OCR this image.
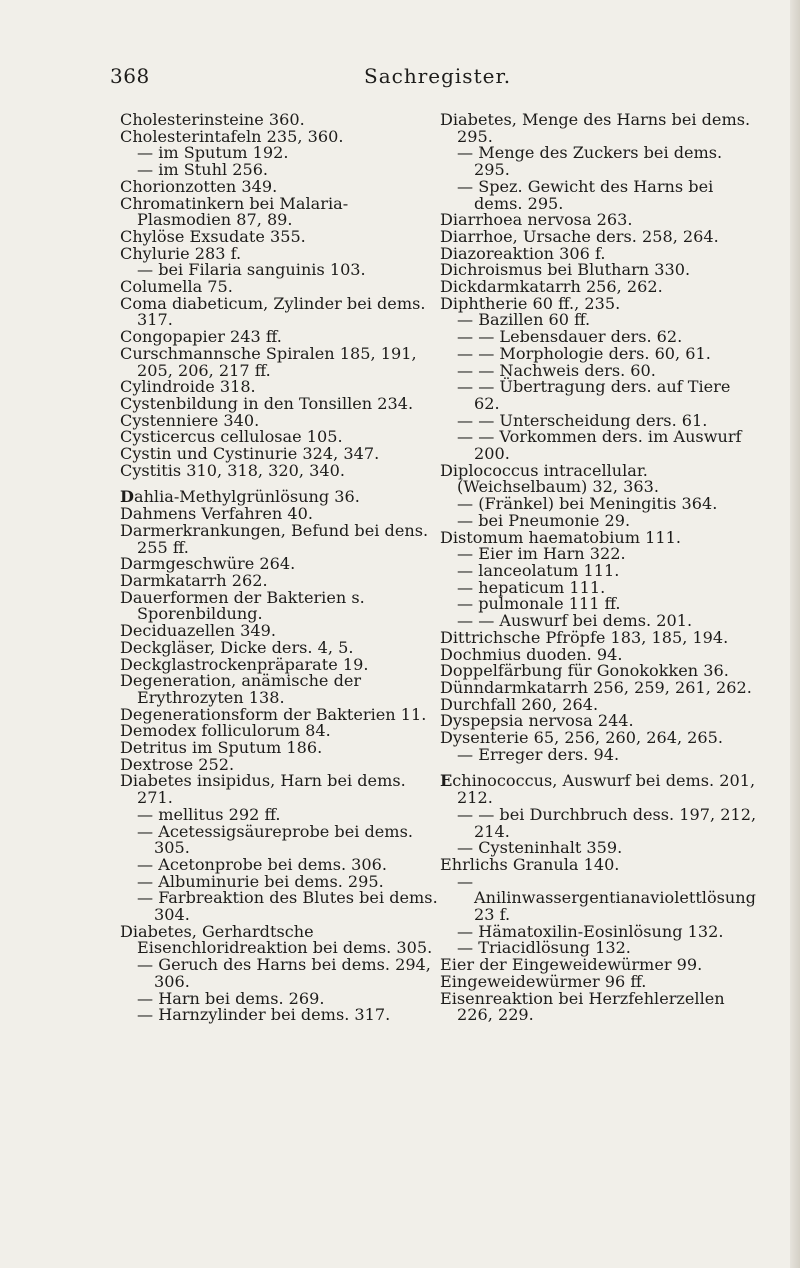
368	Sachregister.

Cholesterinsteine 360.

Cholesterintafeln 235, 360.

— im Sputum 192.

— im Stuhl 256.

Chorionzotten 349.

Chromatinkern bei Malaria-Plasmodien 87, 89.

Chylöse Exsudate 355.

Chylurie 283 f.

— bei Filaria sanguinis 103.

Columella 75.

Coma diabeticum, Zylinder bei dems. 317.

Congopapier 243 ff.

Curschmannsche Spiralen 185, 191, 205, 206, 217 ff.

Cylindroide 318.

Cystenbildung in den Tonsillen 234.

Cystenniere 340.

Cysticercus cellulosae 105.

Cystin und Cystinurie 324, 347.

Cystitis 310, 318, 320, 340.

Dahlia-Methylgrünlösung 36.

Dahmens Verfahren 40.

Darmerkrankungen, Befund bei dens. 255 ff.

Darmgeschwüre 264.

Darmkatarrh 262.

Dauerformen der Bakterien s. Sporenbildung.

Deciduazellen 349.

Deckgläser, Dicke ders. 4, 5.

Deckglastrockenpräparate 19.

Degeneration, anämische der Erythrozyten 138.

Degenerationsform der Bakterien 11.

Demodex folliculorum 84.

Detritus im Sputum 186.

Dextrose 252.

Diabetes insipidus, Harn bei dems. 271.

— mellitus 292 ff.

— Acetessigsäureprobe bei dems. 305.

— Acetonprobe bei dems. 306.

— Albuminurie bei dems. 295.

— Farbreaktion des Blutes bei dems. 304.

Diabetes, Gerhardtsche Eisenchloridreaktion bei dems. 305.

— Geruch des Harns bei dems. 294, 306.

— Harn bei dems. 269.

— Harnzylinder bei dems. 317.

Diabetes, Menge des Harns bei dems. 295.

— Menge des Zuckers bei dems. 295.

— Spez. Gewicht des Harns bei dems. 295.

Diarrhoea nervosa 263.

Diarrhoe, Ursache ders. 258, 264.

Diazoreaktion 306 f.

Dichroismus bei Blutharn 330.

Dickdarmkatarrh 256, 262.

Diphtherie 60 ff., 235.

— Bazillen 60 ff.

— — Lebensdauer ders. 62.

— — Morphologie ders. 60, 61.

— — Nachweis ders. 60.

— — Übertragung ders. auf Tiere 62.

— — Unterscheidung ders. 61.

— — Vorkommen ders. im Auswurf 200.

Diplococcus intracellular. (Weichselbaum) 32, 363.

— (Fränkel) bei Meningitis 364.

— bei Pneumonie 29.

Distomum haematobium 111.

— Eier im Harn 322.

— lanceolatum 111.

— hepaticum 111.

— pulmonale 111 ff.

— — Auswurf bei dems. 201.

Dittrichsche Pfröpfe 183, 185, 194.

Dochmius duoden. 94.

Doppelfärbung für Gonokokken 36.

Dünndarmkatarrh 256, 259, 261, 262.

Durchfall 260, 264.

Dyspepsia nervosa 244.

Dysenterie 65, 256, 260, 264, 265.

— Erreger ders. 94.

Echinococcus, Auswurf bei dems. 201, 212.

— — bei Durchbruch dess. 197, 212, 214.

— Cysteninhalt 359.

Ehrlichs Granula 140.

— Anilinwassergentianaviolettlösung 23 f.

— Hämatoxilin-Eosinlösung 132.

— Triacidlösung 132.

Eier der Eingeweidewürmer 99.

Eingeweidewürmer 96 ff.

Eisenreaktion bei Herzfehlerzellen 226, 229.
